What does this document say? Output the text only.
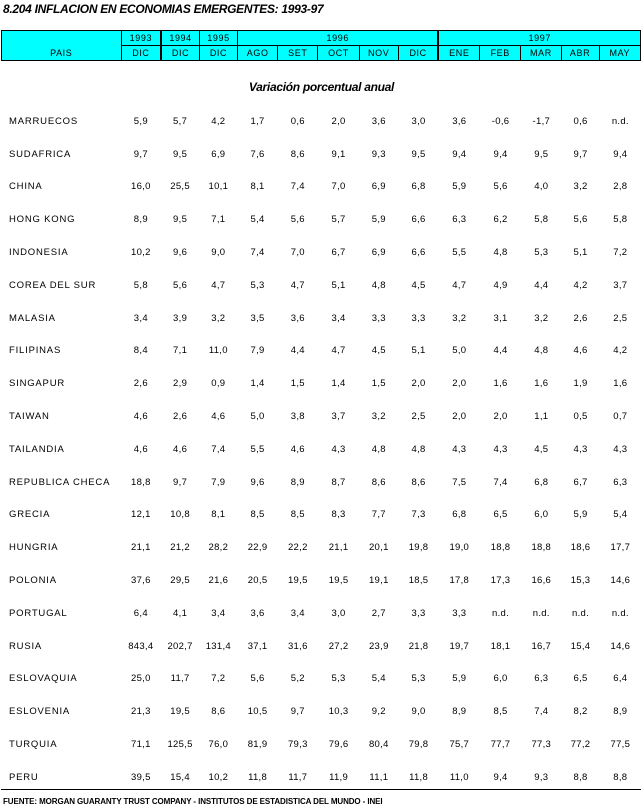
8.204 INFLACION EN ECONOMIAS EMERGENTES: 1993-97
PAIS	1993	1994	1995	1996					1997				
	DIC	DIC	DIC	AGO	SET	OCT	NOV	DIC	ENE	FEB	MAR	ABR	MAY
Variación porcentual anual
MARRUECOS	5,9	5,7	4,2	1,7	0,6	2,0	3,6	3,0	3,6	-0,6	-1,7	0,6	n.d.
SUDAFRICA	9,7	9,5	6,9	7,6	8,6	9,1	9,3	9,5	9,4	9,4	9,5	9,7	9,4
CHINA	16,0	25,5	10,1	8,1	7,4	7,0	6,9	6,8	5,9	5,6	4,0	3,2	2,8
HONG KONG	8,9	9,5	7,1	5,4	5,6	5,7	5,9	6,6	6,3	6,2	5,8	5,6	5,8
INDONESIA	10,2	9,6	9,0	7,4	7,0	6,7	6,9	6,6	5,5	4,8	5,3	5,1	7,2
COREA DEL SUR	5,8	5,6	4,7	5,3	4,7	5,1	4,8	4,5	4,7	4,9	4,4	4,2	3,7
MALASIA	3,4	3,9	3,2	3,5	3,6	3,4	3,3	3,3	3,2	3,1	3,2	2,6	2,5
FILIPINAS	8,4	7,1	11,0	7,9	4,4	4,7	4,5	5,1	5,0	4,4	4,8	4,6	4,2
SINGAPUR	2,6	2,9	0,9	1,4	1,5	1,4	1,5	2,0	2,0	1,6	1,6	1,9	1,6
TAIWAN	4,6	2,6	4,6	5,0	3,8	3,7	3,2	2,5	2,0	2,0	1,1	0,5	0,7
TAILANDIA	4,6	4,6	7,4	5,5	4,6	4,3	4,8	4,8	4,3	4,3	4,5	4,3	4,3
REPUBLICA CHECA	18,8	9,7	7,9	9,6	8,9	8,7	8,6	8,6	7,5	7,4	6,8	6,7	6,3
GRECIA	12,1	10,8	8,1	8,5	8,5	8,3	7,7	7,3	6,8	6,5	6,0	5,9	5,4
HUNGRIA	21,1	21,2	28,2	22,9	22,2	21,1	20,1	19,8	19,0	18,8	18,8	18,6	17,7
POLONIA	37,6	29,5	21,6	20,5	19,5	19,5	19,1	18,5	17,8	17,3	16,6	15,3	14,6
PORTUGAL	6,4	4,1	3,4	3,6	3,4	3,0	2,7	3,3	3,3	n.d.	n.d.	n.d.	n.d.
RUSIA	843,4	202,7	131,4	37,1	31,6	27,2	23,9	21,8	19,7	18,1	16,7	15,4	14,6
ESLOVAQUIA	25,0	11,7	7,2	5,6	5,2	5,3	5,4	5,3	5,9	6,0	6,3	6,5	6,4
ESLOVENIA	21,3	19,5	8,6	10,5	9,7	10,3	9,2	9,0	8,9	8,5	7,4	8,2	8,9
TURQUIA	71,1	125,5	76,0	81,9	79,3	79,6	80,4	79,8	75,7	77,7	77,3	77,2	77,5
PERU	39,5	15,4	10,2	11,8	11,7	11,9	11,1	11,8	11,0	9,4	9,3	8,8	8,8
FUENTE: MORGAN GUARANTY TRUST COMPANY - INSTITUTOS DE ESTADISTICA DEL MUNDO - INEI
